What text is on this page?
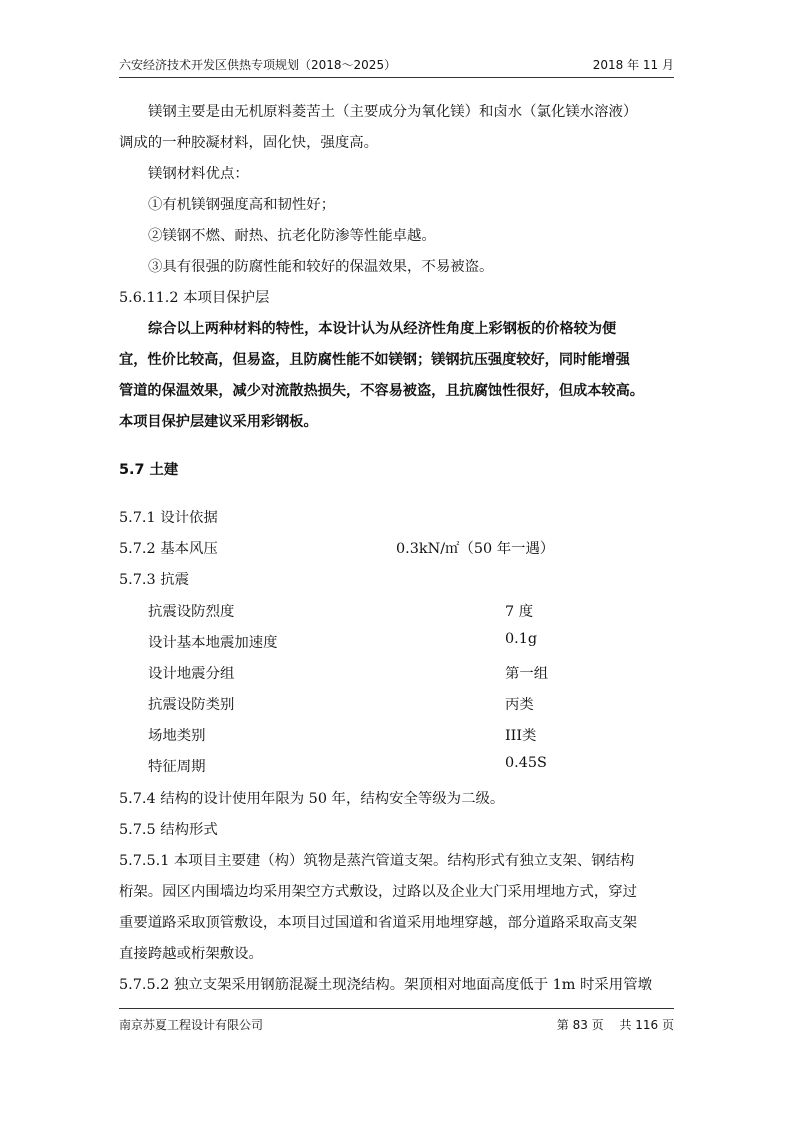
六安经济技术开发区供热专项规划（2018～2025）	2018 年 11 月
镁钢主要是由无机原料菱苦土（主要成分为氧化镁）和卤水（氯化镁水溶液）
调成的一种胶凝材料，固化快，强度高。
镁钢材料优点：
①有机镁钢强度高和韧性好；
②镁钢不燃、耐热、抗老化防渗等性能卓越。
③具有很强的防腐性能和较好的保温效果，不易被盗。
5.6.11.2 本项目保护层
综合以上两种材料的特性，本设计认为从经济性角度上彩钢板的价格较为便
宜，性价比较高，但易盗，且防腐性能不如镁钢；镁钢抗压强度较好，同时能增强
管道的保温效果，减少对流散热损失，不容易被盗，且抗腐蚀性很好，但成本较高。
本项目保护层建议采用彩钢板。
5.7 土建
5.7.1 设计依据
5.7.2 基本风压	0.3kN/㎡（50 年一遇）
5.7.3 抗震
抗震设防烈度	7 度
设计基本地震加速度	0.1g
设计地震分组	第一组
抗震设防类别	丙类
场地类别	III类
特征周期	0.45S
5.7.4 结构的设计使用年限为 50 年，结构安全等级为二级。
5.7.5 结构形式
5.7.5.1 本项目主要建（构）筑物是蒸汽管道支架。结构形式有独立支架、钢结构
桁架。园区内围墙边均采用架空方式敷设，过路以及企业大门采用埋地方式，穿过
重要道路采取顶管敷设，本项目过国道和省道采用地埋穿越，部分道路采取高支架
直接跨越或桁架敷设。
5.7.5.2 独立支架采用钢筋混凝土现浇结构。架顶相对地面高度低于 1m 时采用管墩
南京苏夏工程设计有限公司	第 83 页　 共 116 页
